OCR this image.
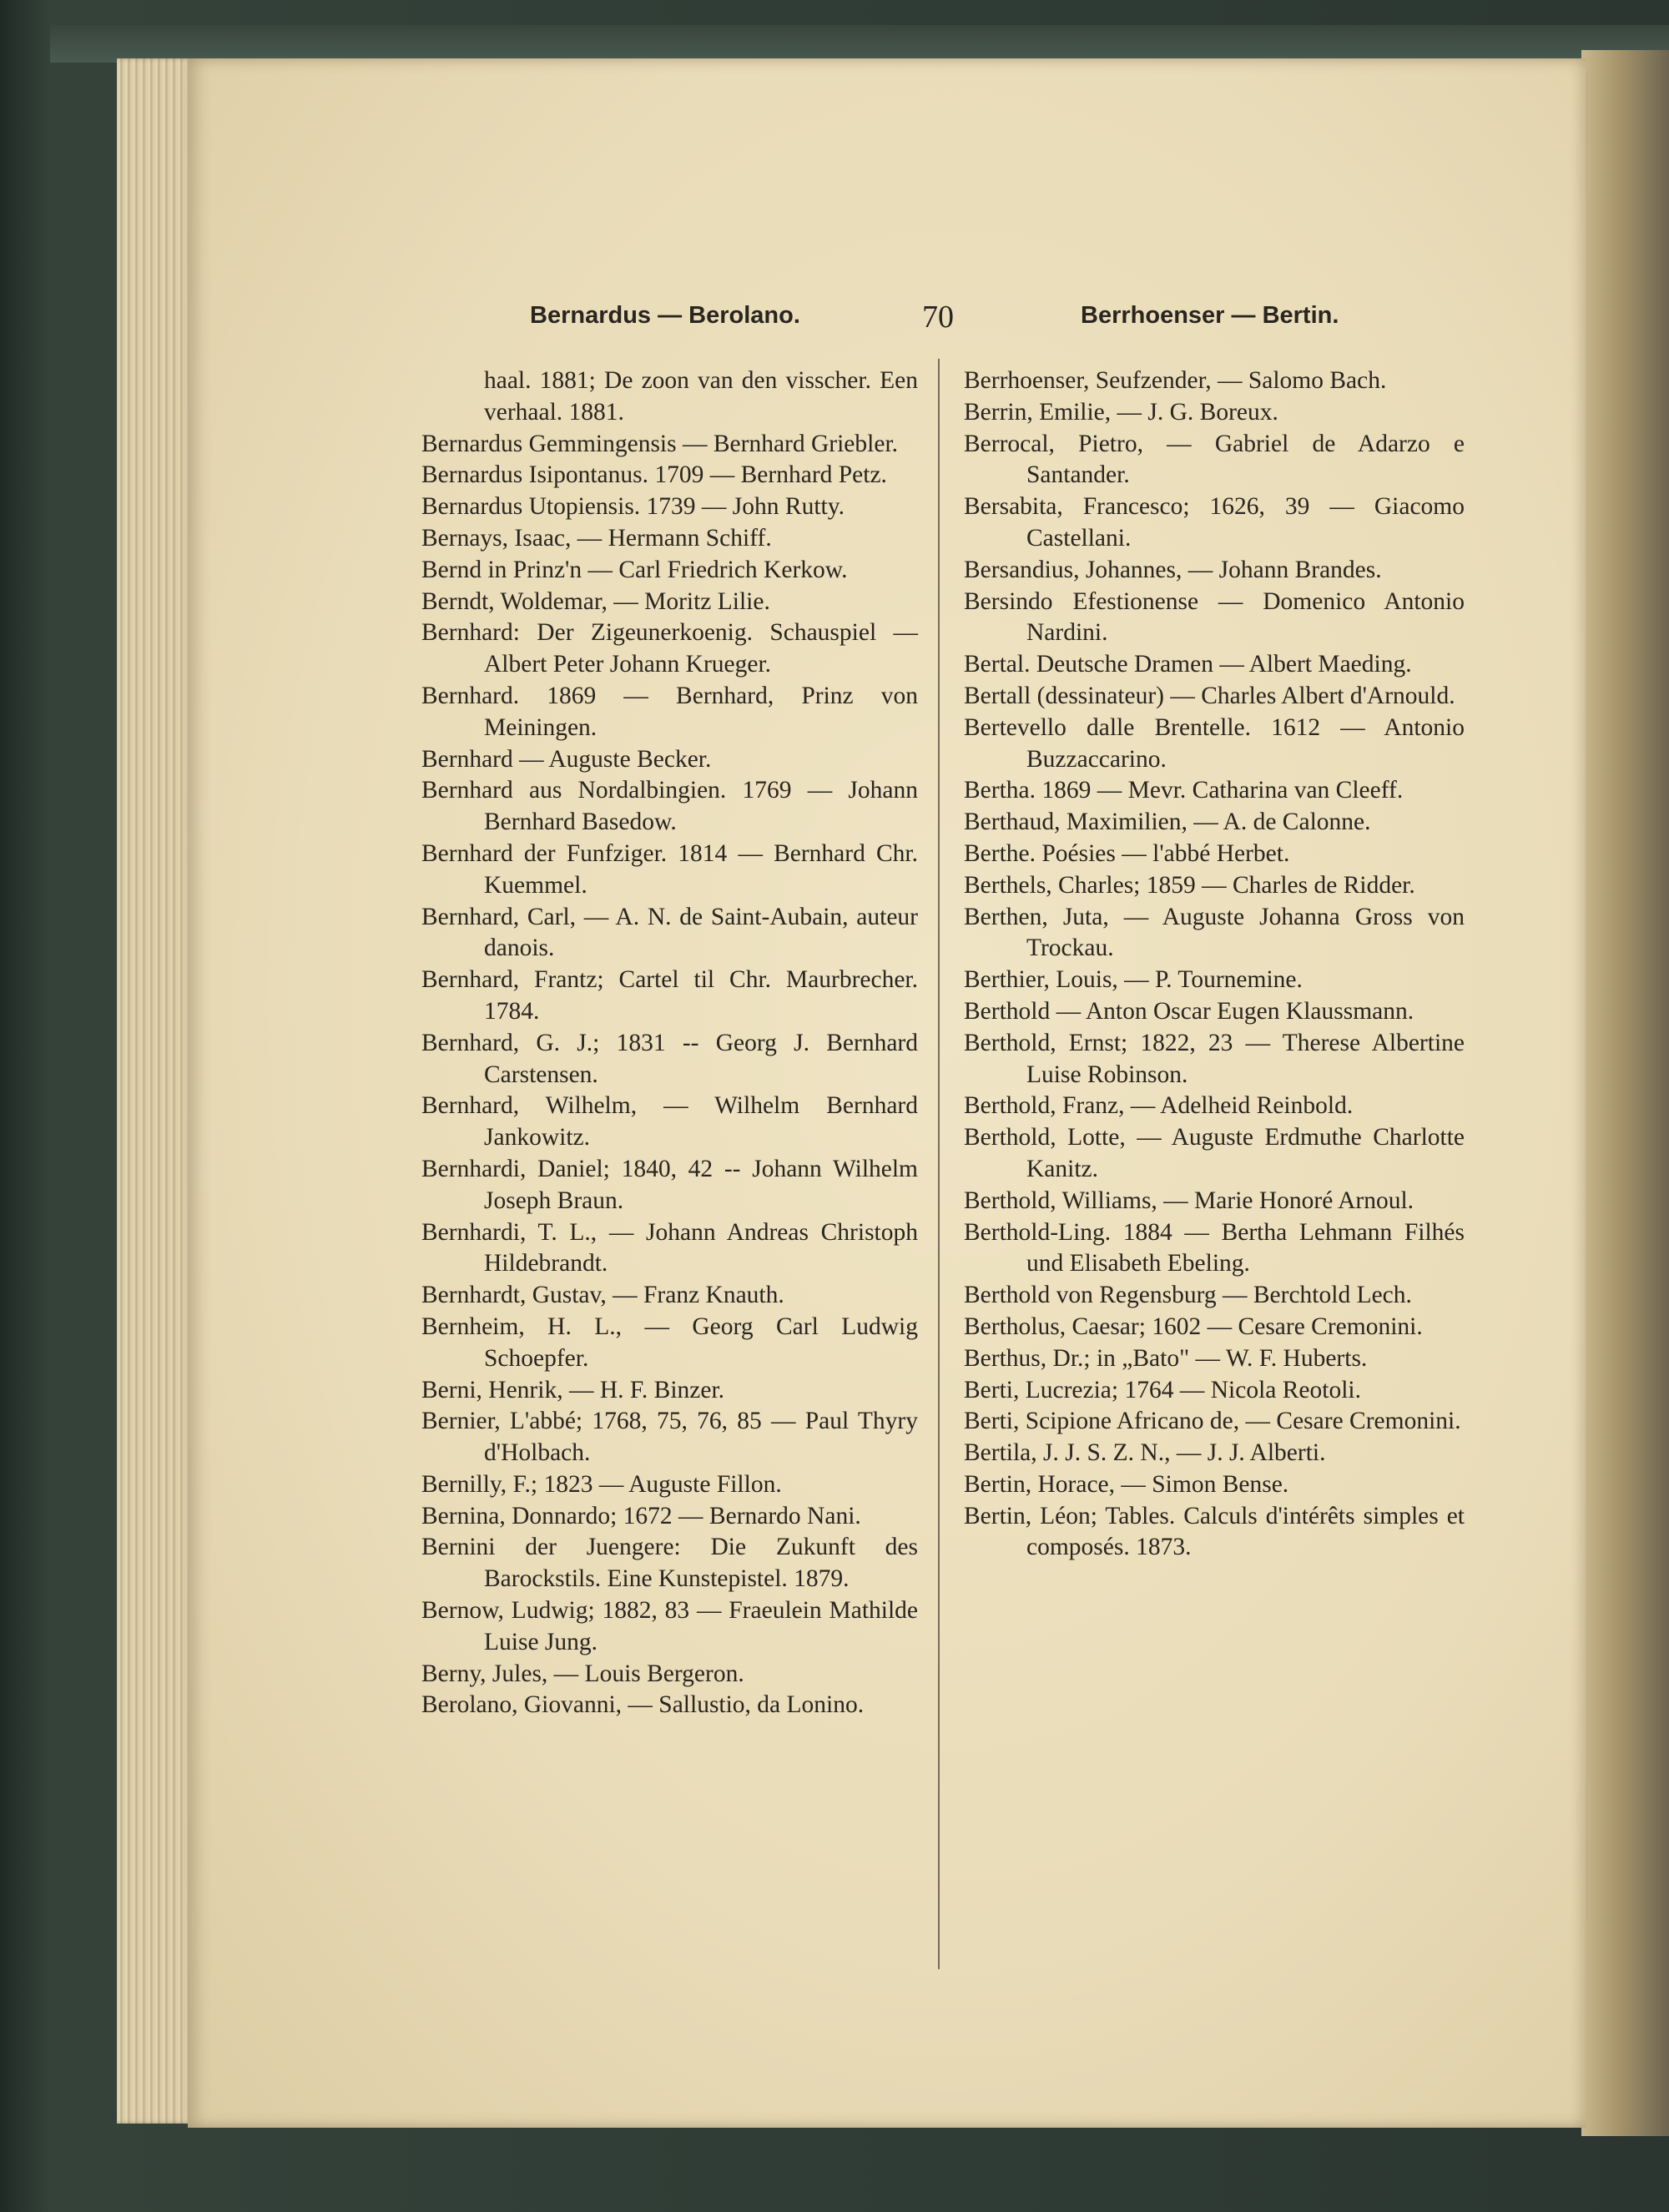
Bernardus — Berolano.	70	Berrhoenser — Bertin.

haal. 1881; De zoon van den visscher. Een verhaal. 1881.

Bernardus Gemmingensis — Bernhard Griebler.

Bernardus Isipontanus. 1709 — Bernhard Petz.

Bernardus Utopiensis. 1739 — John Rutty.

Bernays, Isaac, — Hermann Schiff.

Bernd in Prinz'n — Carl Friedrich Kerkow.

Berndt, Woldemar, — Moritz Lilie.

Bernhard: Der Zigeunerkoenig. Schauspiel — Albert Peter Johann Krueger.

Bernhard. 1869 — Bernhard, Prinz von Meiningen.

Bernhard — Auguste Becker.

Bernhard aus Nordalbingien. 1769 — Johann Bernhard Basedow.

Bernhard der Funfziger. 1814 — Bernhard Chr. Kuemmel.

Bernhard, Carl, — A. N. de Saint-Aubain, auteur danois.

Bernhard, Frantz; Cartel til Chr. Maurbrecher. 1784.

Bernhard, G. J.; 1831 -- Georg J. Bernhard Carstensen.

Bernhard, Wilhelm, — Wilhelm Bernhard Jankowitz.

Bernhardi, Daniel; 1840, 42 -- Johann Wilhelm Joseph Braun.

Bernhardi, T. L., — Johann Andreas Christoph Hildebrandt.

Bernhardt, Gustav, — Franz Knauth.

Bernheim, H. L., — Georg Carl Ludwig Schoepfer.

Berni, Henrik, — H. F. Binzer.

Bernier, L'abbé; 1768, 75, 76, 85 — Paul Thyry d'Holbach.

Bernilly, F.; 1823 — Auguste Fillon.

Bernina, Donnardo; 1672 — Bernardo Nani.

Bernini der Juengere: Die Zukunft des Barockstils. Eine Kunstepistel. 1879.

Bernow, Ludwig; 1882, 83 — Fraeulein Mathilde Luise Jung.

Berny, Jules, — Louis Bergeron.

Berolano, Giovanni, — Sallustio, da Lonino.

Berrhoenser, Seufzender, — Salomo Bach.

Berrin, Emilie, — J. G. Boreux.

Berrocal, Pietro, — Gabriel de Adarzo e Santander.

Bersabita, Francesco; 1626, 39 — Giacomo Castellani.

Bersandius, Johannes, — Johann Brandes.

Bersindo Efestionense — Domenico Antonio Nardini.

Bertal. Deutsche Dramen — Albert Maeding.

Bertall (dessinateur) — Charles Albert d'Arnould.

Bertevello dalle Brentelle. 1612 — Antonio Buzzaccarino.

Bertha. 1869 — Mevr. Catharina van Cleeff.

Berthaud, Maximilien, — A. de Calonne.

Berthe. Poésies — l'abbé Herbet.

Berthels, Charles; 1859 — Charles de Ridder.

Berthen, Juta, — Auguste Johanna Gross von Trockau.

Berthier, Louis, — P. Tournemine.

Berthold — Anton Oscar Eugen Klaussmann.

Berthold, Ernst; 1822, 23 — Therese Albertine Luise Robinson.

Berthold, Franz, — Adelheid Reinbold.

Berthold, Lotte, — Auguste Erdmuthe Charlotte Kanitz.

Berthold, Williams, — Marie Honoré Arnoul.

Berthold-Ling. 1884 — Bertha Lehmann Filhés und Elisabeth Ebeling.

Berthold von Regensburg — Berchtold Lech.

Bertholus, Caesar; 1602 — Cesare Cremonini.

Berthus, Dr.; in „Bato" — W. F. Huberts.

Berti, Lucrezia; 1764 — Nicola Reotoli.

Berti, Scipione Africano de, — Cesare Cremonini.

Bertila, J. J. S. Z. N., — J. J. Alberti.

Bertin, Horace, — Simon Bense.

Bertin, Léon; Tables. Calculs d'intérêts simples et composés. 1873.
